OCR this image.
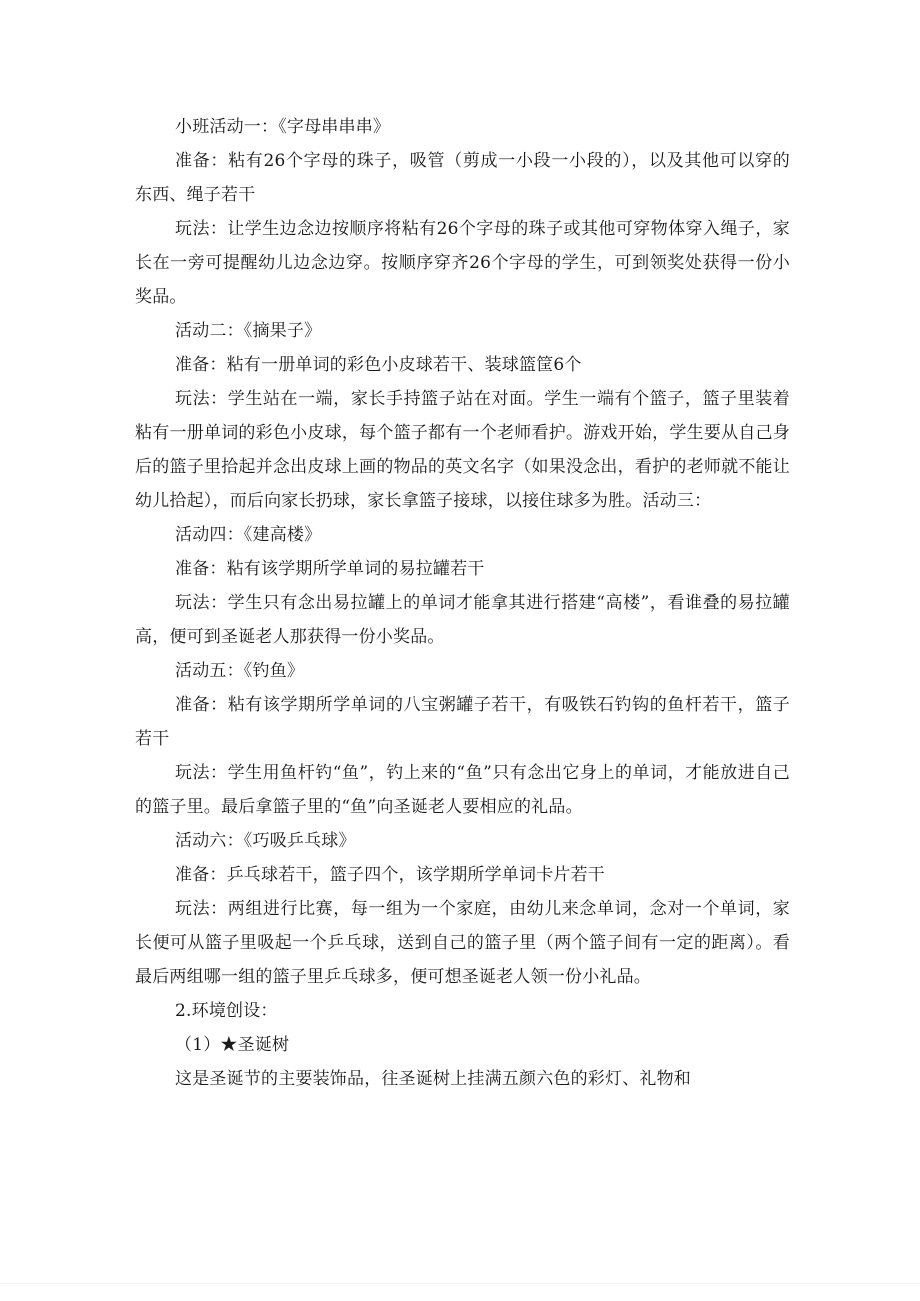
小班活动一：《字母串串串》

准备：粘有26个字母的珠子，吸管（剪成一小段一小段的），以及其他可以穿的东西、绳子若干

玩法：让学生边念边按顺序将粘有26个字母的珠子或其他可穿物体穿入绳子，家长在一旁可提醒幼儿边念边穿。按顺序穿齐26个字母的学生，可到领奖处获得一份小奖品。

活动二：《摘果子》

准备：粘有一册单词的彩色小皮球若干、装球篮筐6个

玩法：学生站在一端，家长手持篮子站在对面。学生一端有个篮子，篮子里装着粘有一册单词的彩色小皮球，每个篮子都有一个老师看护。游戏开始，学生要从自己身后的篮子里拾起并念出皮球上画的物品的英文名字（如果没念出，看护的老师就不能让幼儿拾起），而后向家长扔球，家长拿篮子接球，以接住球多为胜。活动三：

活动四：《建高楼》

准备：粘有该学期所学单词的易拉罐若干

玩法：学生只有念出易拉罐上的单词才能拿其进行搭建“高楼”，看谁叠的易拉罐高，便可到圣诞老人那获得一份小奖品。

活动五：《钓鱼》

准备：粘有该学期所学单词的八宝粥罐子若干，有吸铁石钓钩的鱼杆若干，篮子若干

玩法：学生用鱼杆钓“鱼”，钓上来的“鱼”只有念出它身上的单词，才能放进自己的篮子里。最后拿篮子里的“鱼”向圣诞老人要相应的礼品。

活动六：《巧吸乒乓球》

准备：乒乓球若干，篮子四个，该学期所学单词卡片若干

玩法：两组进行比赛，每一组为一个家庭，由幼儿来念单词，念对一个单词，家长便可从篮子里吸起一个乒乓球，送到自己的篮子里（两个篮子间有一定的距离）。看最后两组哪一组的篮子里乒乓球多，便可想圣诞老人领一份小礼品。

2.环境创设：

（1）★圣诞树

这是圣诞节的主要装饰品，往圣诞树上挂满五颜六色的彩灯、礼物和
